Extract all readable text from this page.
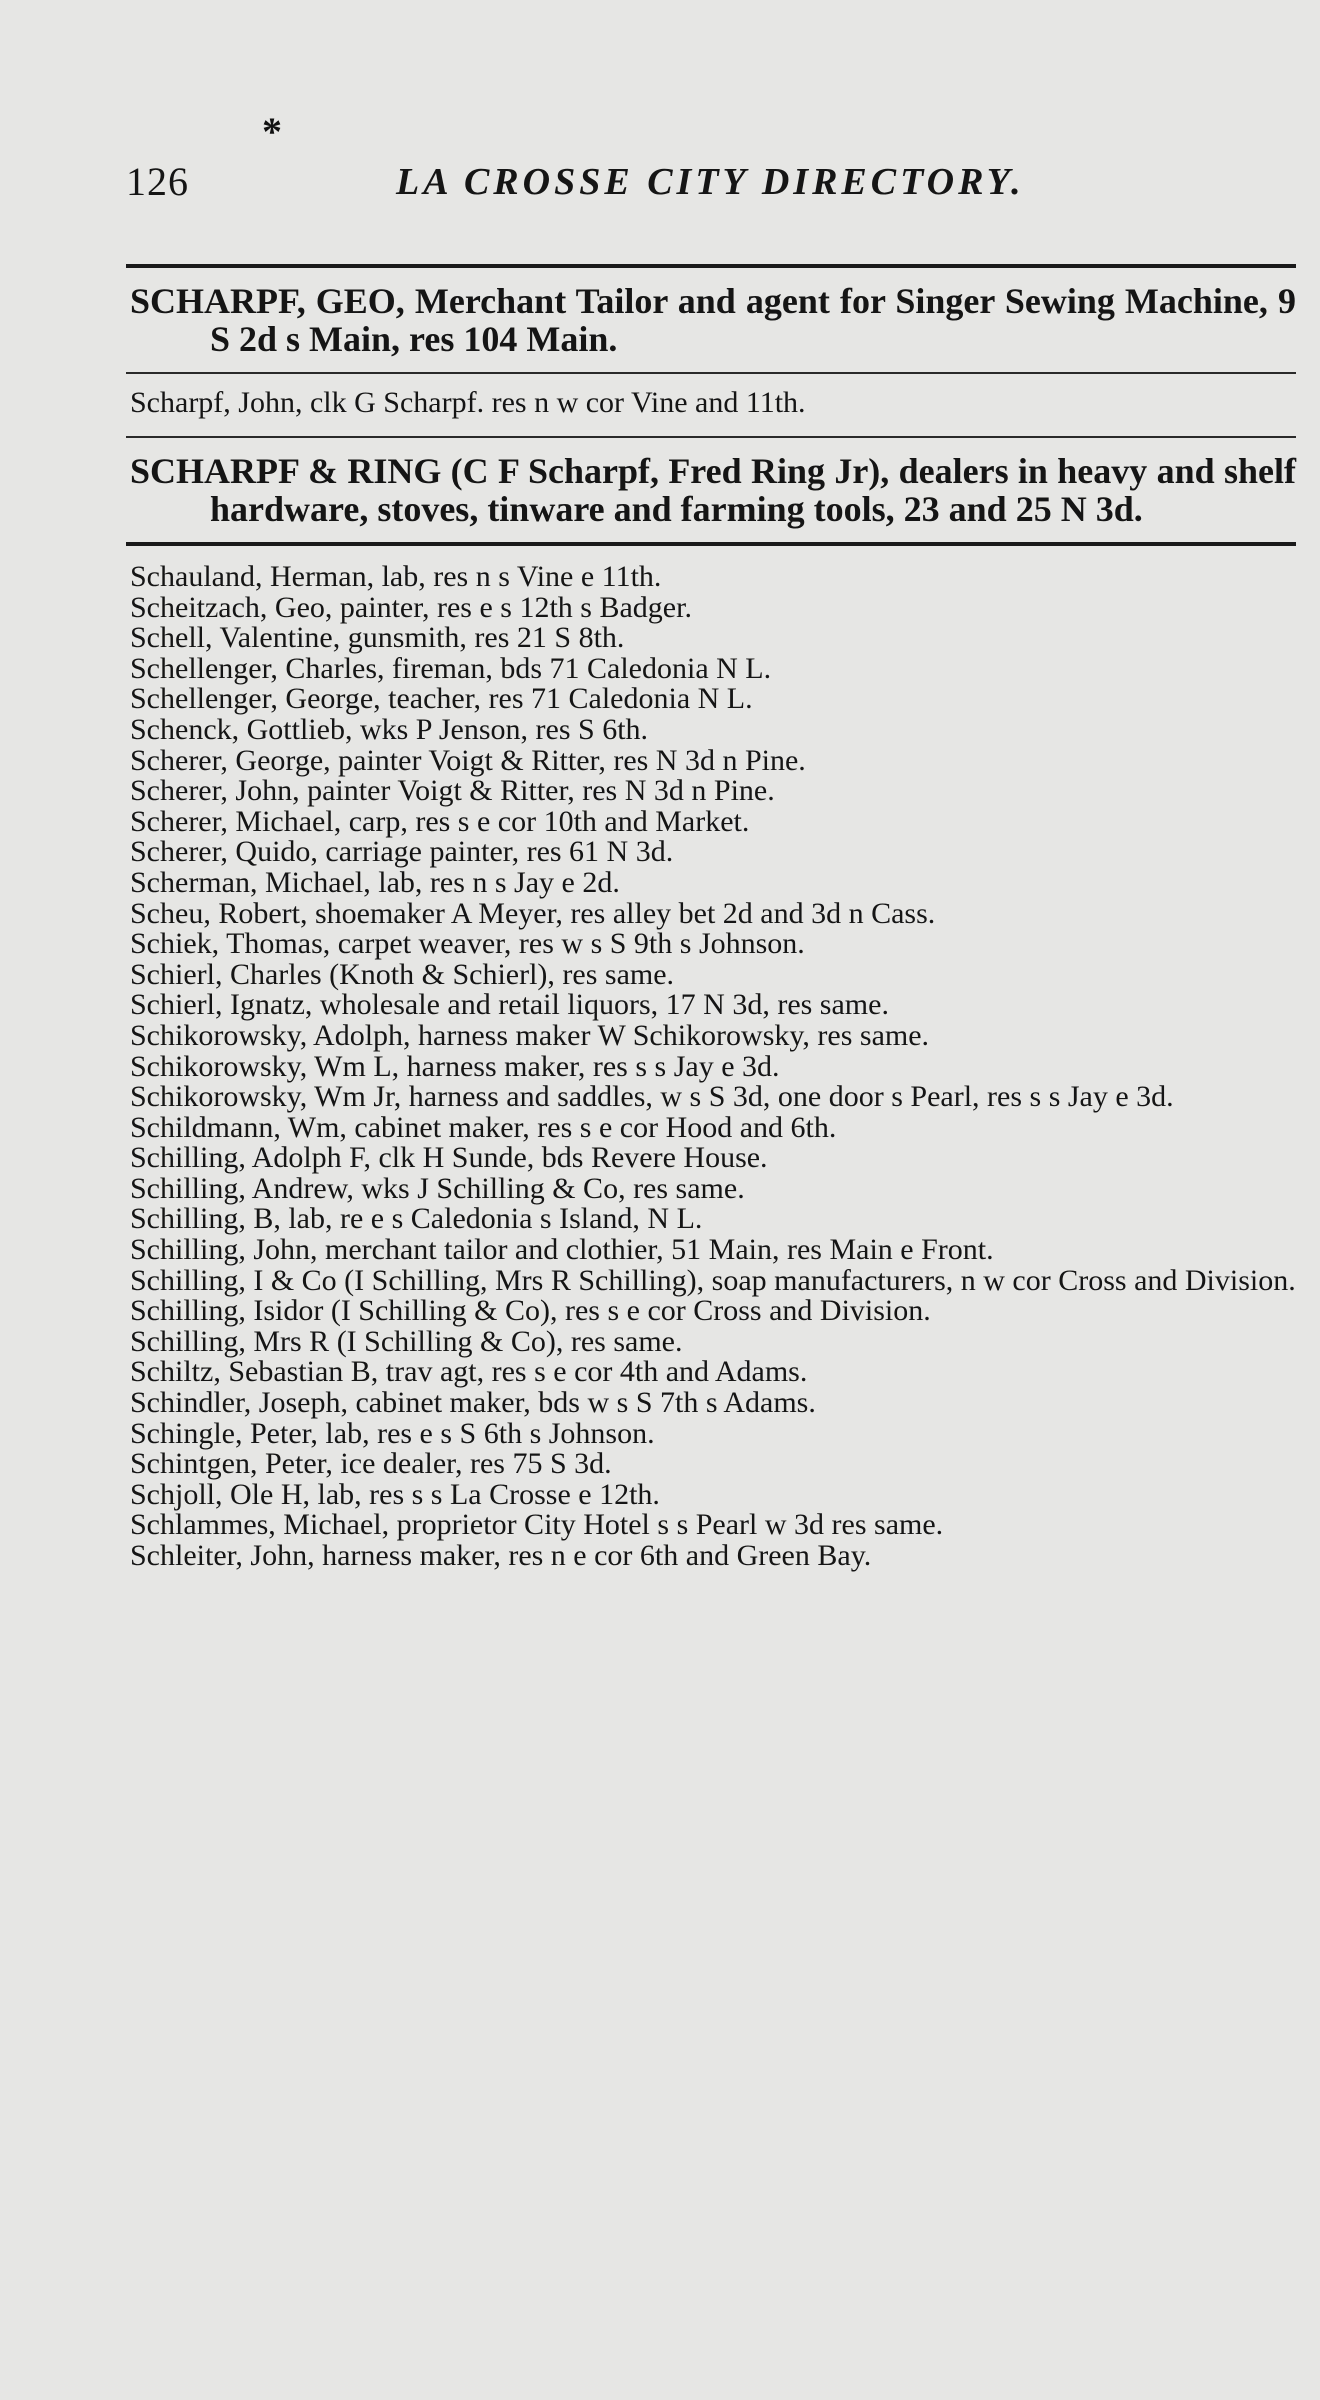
*
126	LA CROSSE CITY DIRECTORY.
SCHARPF, GEO, Merchant Tailor and agent for Singer Sewing Machine, 9 S 2d s Main, res 104 Main.
Scharpf, John, clk G Scharpf. res n w cor Vine and 11th.
SCHARPF & RING (C F Scharpf, Fred Ring Jr), dealers in heavy and shelf hardware, stoves, tinware and farming tools, 23 and 25 N 3d.
Schauland, Herman, lab, res n s Vine e 11th.
Scheitzach, Geo, painter, res e s 12th s Badger.
Schell, Valentine, gunsmith, res 21 S 8th.
Schellenger, Charles, fireman, bds 71 Caledonia N L.
Schellenger, George, teacher, res 71 Caledonia N L.
Schenck, Gottlieb, wks P Jenson, res S 6th.
Scherer, George, painter Voigt & Ritter, res N 3d n Pine.
Scherer, John, painter Voigt & Ritter, res N 3d n Pine.
Scherer, Michael, carp, res s e cor 10th and Market.
Scherer, Quido, carriage painter, res 61 N 3d.
Scherman, Michael, lab, res n s Jay e 2d.
Scheu, Robert, shoemaker A Meyer, res alley bet 2d and 3d n Cass.
Schiek, Thomas, carpet weaver, res w s S 9th s Johnson.
Schierl, Charles (Knoth & Schierl), res same.
Schierl, Ignatz, wholesale and retail liquors, 17 N 3d, res same.
Schikorowsky, Adolph, harness maker W Schikorowsky, res same.
Schikorowsky, Wm L, harness maker, res s s Jay e 3d.
Schikorowsky, Wm Jr, harness and saddles, w s S 3d, one door s Pearl, res s s Jay e 3d.
Schildmann, Wm, cabinet maker, res s e cor Hood and 6th.
Schilling, Adolph F, clk H Sunde, bds Revere House.
Schilling, Andrew, wks J Schilling & Co, res same.
Schilling, B, lab, re e s Caledonia s Island, N L.
Schilling, John, merchant tailor and clothier, 51 Main, res Main e Front.
Schilling, I & Co (I Schilling, Mrs R Schilling), soap manufacturers, n w cor Cross and Division.
Schilling, Isidor (I Schilling & Co), res s e cor Cross and Division.
Schilling, Mrs R (I Schilling & Co), res same.
Schiltz, Sebastian B, trav agt, res s e cor 4th and Adams.
Schindler, Joseph, cabinet maker, bds w s S 7th s Adams.
Schingle, Peter, lab, res e s S 6th s Johnson.
Schintgen, Peter, ice dealer, res 75 S 3d.
Schjoll, Ole H, lab, res s s La Crosse e 12th.
Schlammes, Michael, proprietor City Hotel s s Pearl w 3d res same.
Schleiter, John, harness maker, res n e cor 6th and Green Bay.
